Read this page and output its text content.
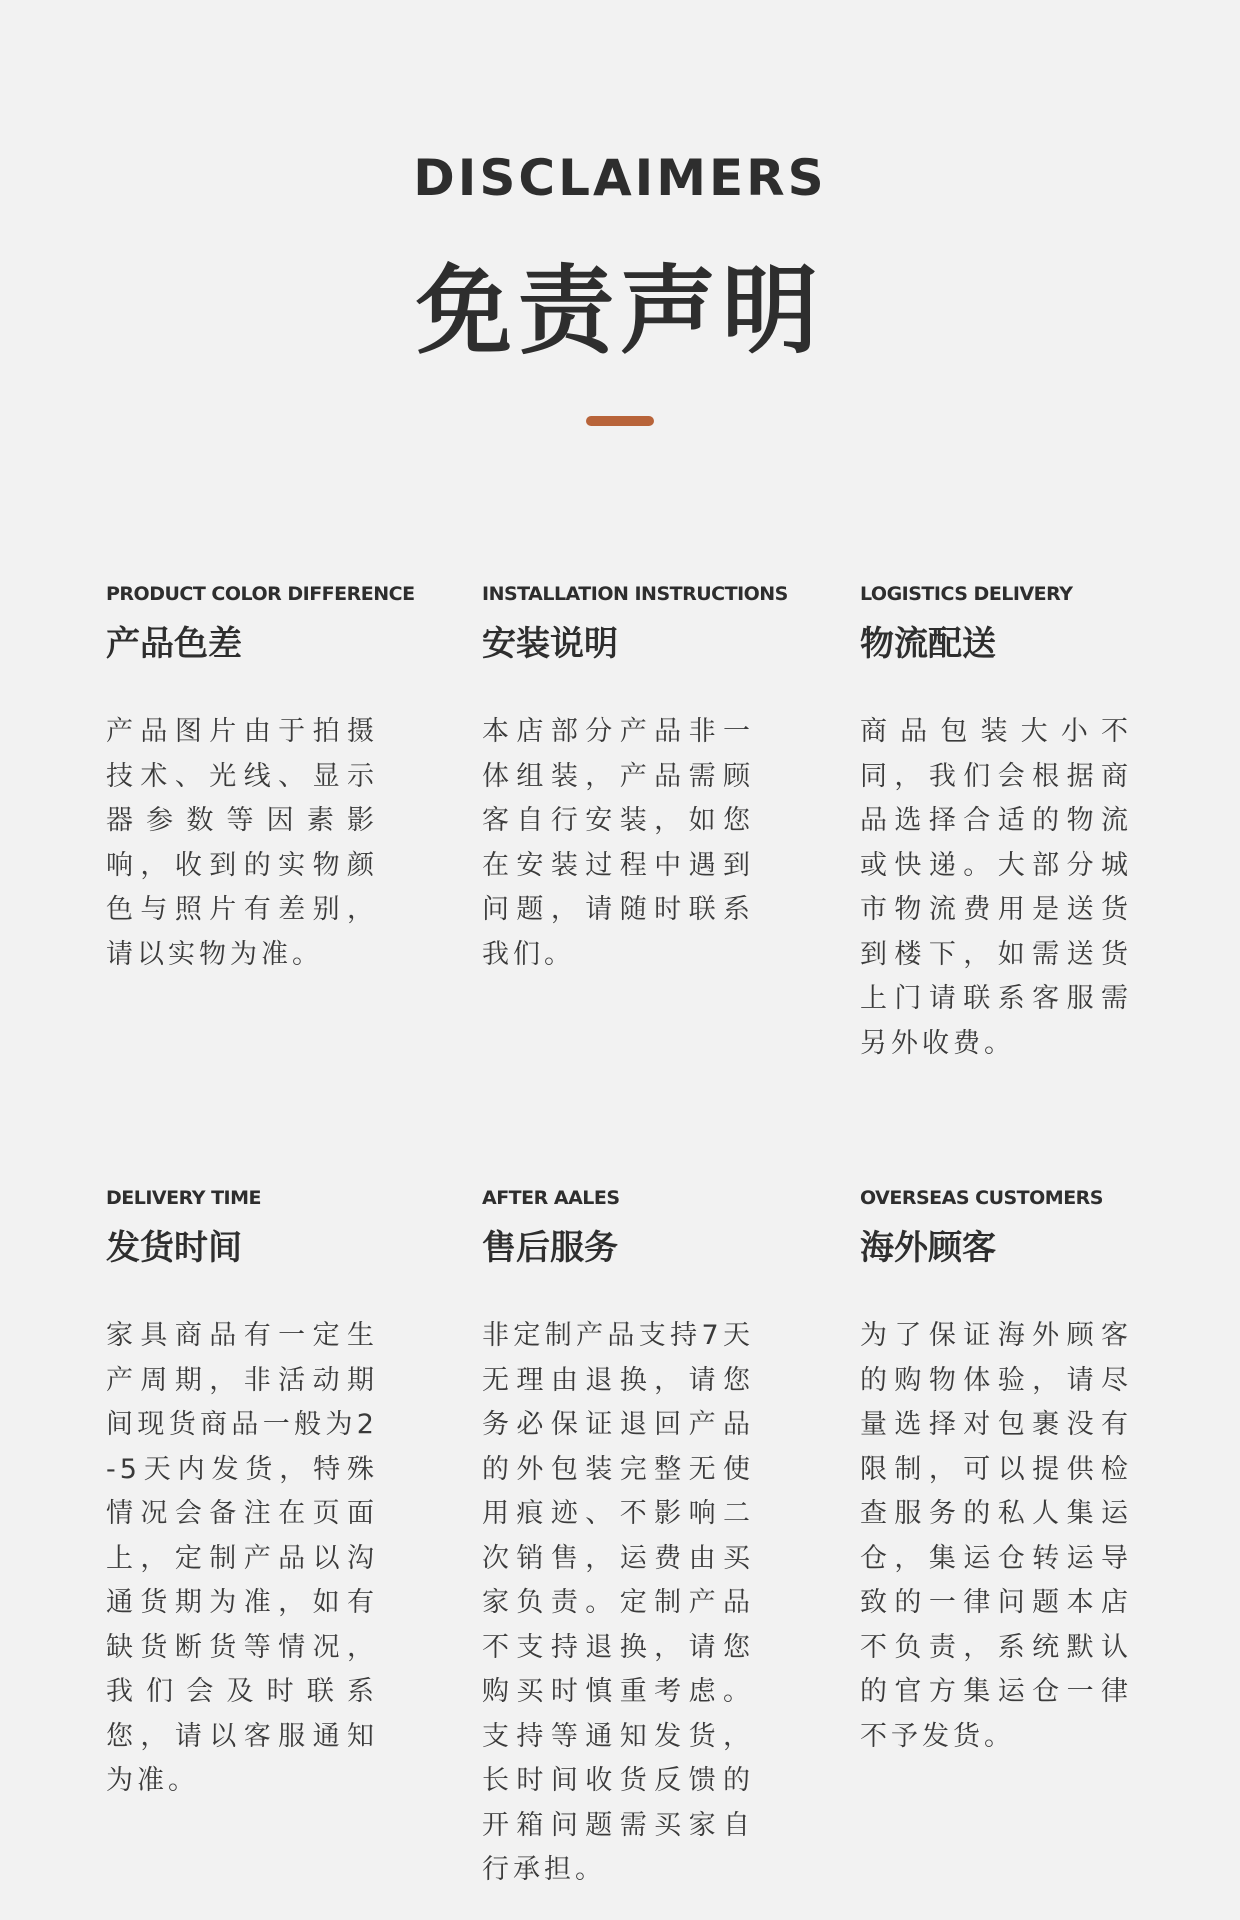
DISCLAIMERS
免责声明
PRODUCT COLOR DIFFERENCE
产品色差
产品图片由于拍摄技术、光线、显示器参数等因素影响，收到的实物颜色与照片有差别，请以实物为准。
INSTALLATION INSTRUCTIONS
安装说明
本店部分产品非一体组装，产品需顾客自行安装，如您在安装过程中遇到问题，请随时联系我们。
LOGISTICS DELIVERY
物流配送
商品包装大小不同，我们会根据商品选择合适的物流或快递。大部分城市物流费用是送货到楼下，如需送货上门请联系客服需另外收费。
DELIVERY TIME
发货时间
家具商品有一定生产周期，非活动期间现货商品一般为2-5天内发货，特殊情况会备注在页面上，定制产品以沟通货期为准，如有缺货断货等情况，我们会及时联系您，请以客服通知为准。
AFTER AALES
售后服务
非定制产品支持7天无理由退换，请您务必保证退回产品的外包装完整无使用痕迹、不影响二次销售，运费由买家负责。定制产品不支持退换，请您购买时慎重考虑。支持等通知发货，长时间收货反馈的开箱问题需买家自行承担。
OVERSEAS CUSTOMERS
海外顾客
为了保证海外顾客的购物体验，请尽量选择对包裹没有限制，可以提供检查服务的私人集运仓，集运仓转运导致的一律问题本店不负责，系统默认的官方集运仓一律不予发货。
